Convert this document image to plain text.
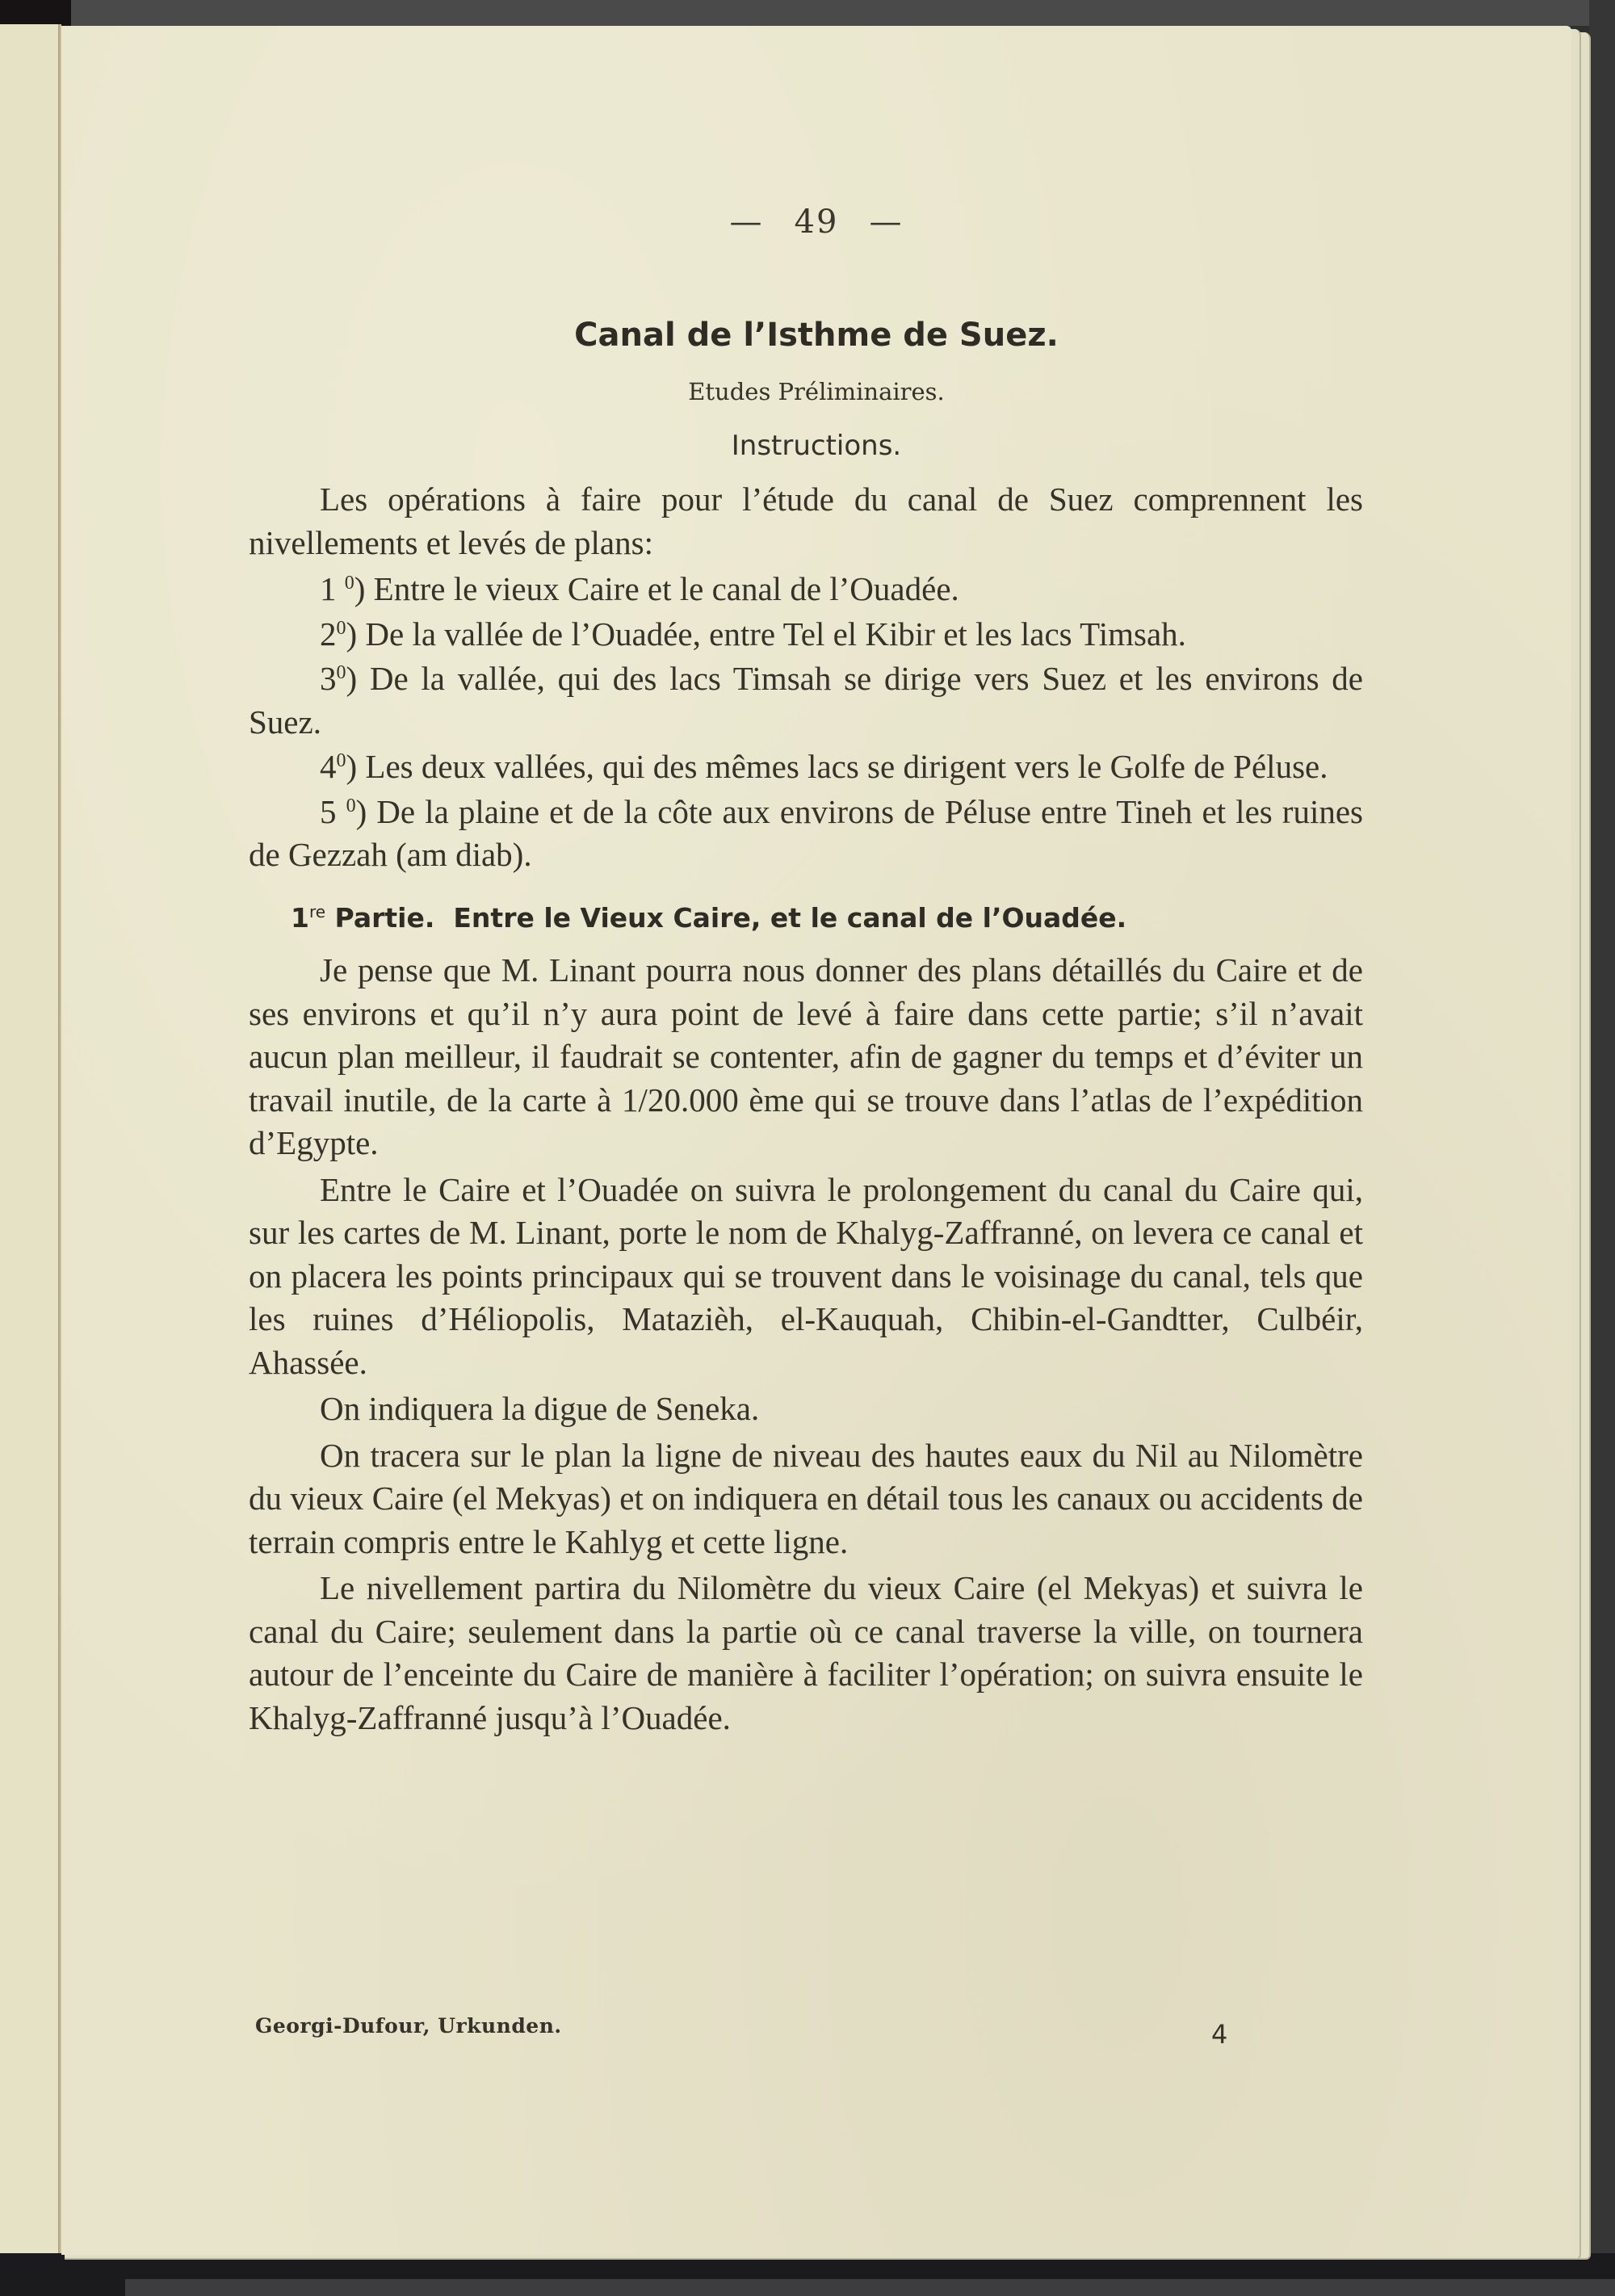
— 49 —
Canal de l’Isthme de Suez.
Etudes Préliminaires.
Instructions.

Les opérations à faire pour l’étude du canal de Suez comprennent les nivellements et levés de plans:

1 $^0$) Entre le vieux Caire et le canal de l’Ouadée.

$2^0$) De la vallée de l’Ouadée, entre Tel el Kibir et les lacs Timsah.

$3^0$) De la vallée, qui des lacs Timsah se dirige vers Suez et les environs de Suez.

$4^0$) Les deux vallées, qui des mêmes lacs se dirigent vers le Golfe de Péluse.

5 $^0$) De la plaine et de la côte aux environs de Péluse entre Tineh et les ruines de Gezzah (am diab).

1re Partie. Entre le Vieux Caire, et le canal de l’Ouadée.

Je pense que M. Linant pourra nous donner des plans détaillés du Caire et de ses environs et qu’il n’y aura point de levé à faire dans cette partie; s’il n’avait aucun plan meilleur, il faudrait se contenter, afin de gagner du temps et d’éviter un travail inutile, de la carte à 1/20.000 ème qui se trouve dans l’atlas de l’expédition d’Egypte.

Entre le Caire et l’Ouadée on suivra le prolongement du canal du Caire qui, sur les cartes de M. Linant, porte le nom de Khalyg-Zaffranné, on levera ce canal et on placera les points principaux qui se trouvent dans le voisinage du canal, tels que les ruines d’Héliopolis, Matazièh, el-Kauquah, Chibin-el-Gandtter, Culbéir, Ahassée.

On indiquera la digue de Seneka.

On tracera sur le plan la ligne de niveau des hautes eaux du Nil au Nilomètre du vieux Caire (el Mekyas) et on indiquera en détail tous les canaux ou accidents de terrain compris entre le Kahlyg et cette ligne.

Le nivellement partira du Nilomètre du vieux Caire (el Mekyas) et suivra le canal du Caire; seulement dans la partie où ce canal traverse la ville, on tournera autour de l’enceinte du Caire de manière à faciliter l’opération; on suivra ensuite le Khalyg-Zaffranné jusqu’à l’Ouadée.

Georgi-Dufour, Urkunden.	4
